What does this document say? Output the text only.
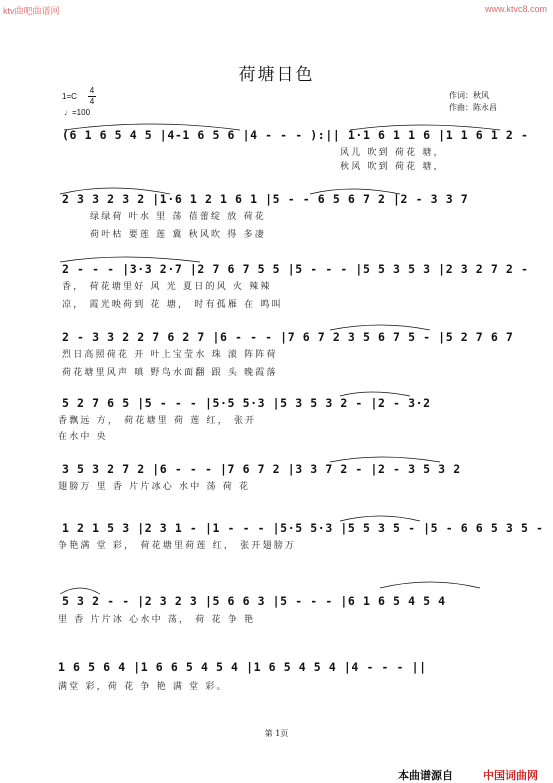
ktv曲吧曲谱网	www.ktvc8.com
荷塘日色
1=C
4
4
♩=100
作词：秋风
作曲：陈永昌
(6 1 6 5 4 5 |4-1 6 5 6 |4 - - - ):|| 1·1 6 1 1 6 |1 1 6 1 2 -
风儿 吹到 荷花 塘，
秋风 吹到 荷花 塘，
2 3 3 2 3 2 |1·6 1 2 1 6 1 |5 - - 6 5 6 7 2 |2 - 3 3 7
绿绿荷 叶水 里 荡 蓓蕾绽 放 荷花
荷叶枯 要莲 莲 冀 秋风吹 得 多凄
2 - - - |3·3 2·7 |2 7 6 7 5 5 |5 - - - |5 5 3 5 3 |2 3 2 7 2 -
香， 荷花塘里好 风 光 夏日的风 火 辣辣
凉， 霞光映荷到 花 塘， 时有孤雁 在 鸣叫
2 - 3 3 2 2 7 6 2 7 |6 - - - |7 6 7 2 3 5 6 7 5 - |5 2 7 6 7
烈日高照荷花 开 叶上宝莹水 珠 滚 阵阵荷
荷花塘里风声 嗔 野鸟水面翻 跟 头 晚霞落
5 2 7 6 5 |5 - - - |5·5 5·3 |5 3 5 3 2 - |2 - 3·2
香飘远 方， 荷花塘里 荷 莲 红， 张开
在水中 央
3 5 3 2 7 2 |6 - - - |7 6 7 2 |3 3 7 2 - |2 - 3 5 3 2
翅膀万 里 香 片片冰心 水中 荡 荷 花
1 2 1 5 3 |2 3 1 - |1 - - - |5·5 5·3 |5 5 3 5 - |5 - 6 6 5 3 5 -
争艳满 堂 彩， 荷花塘里荷莲 红， 张开翅膀万
5 3 2 - - |2 3 2 3 |5 6 6 3 |5 - - - |6 1 6 5 4 5 4
里 香 片片冰 心水中 荡， 荷 花 争 艳
1 6 5 6 4 |1 6 6 5 4 5 4 |1 6 5 4 5 4 |4 - - - ||
满堂 彩，荷 花 争 艳 满 堂 彩。
第 1页
本曲谱源自	中国词曲网
